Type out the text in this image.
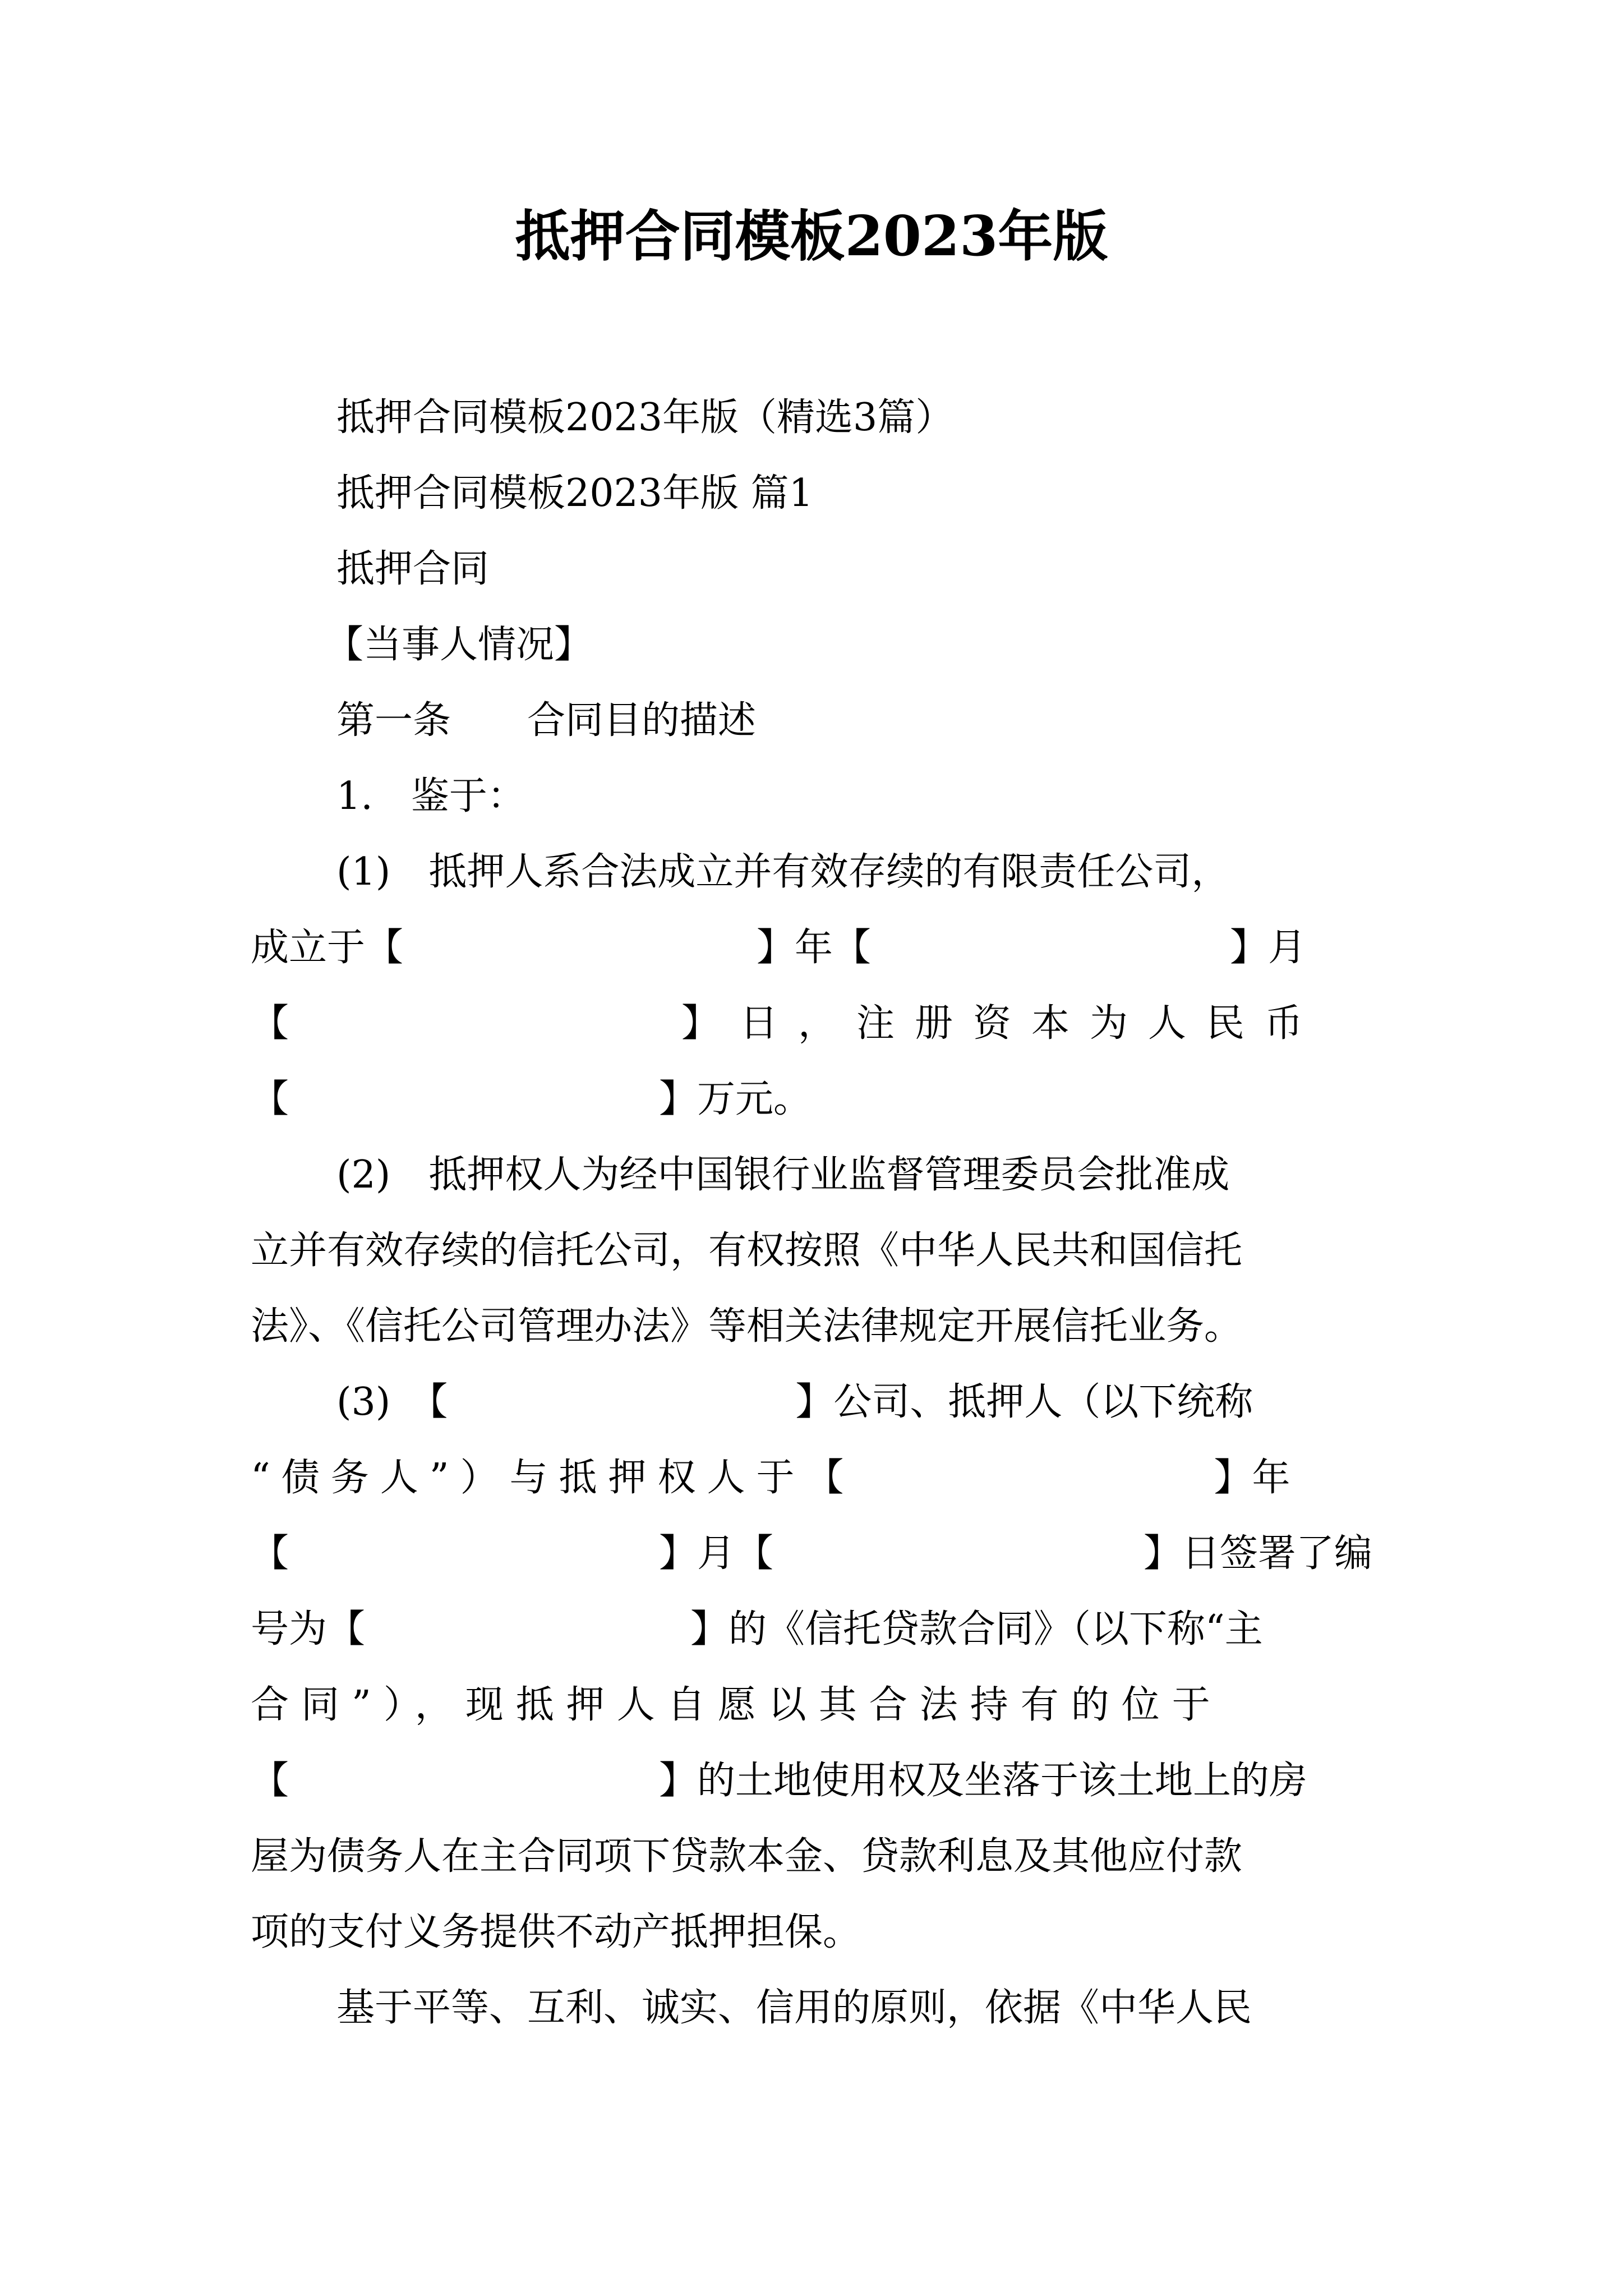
抵押合同模板2023年版
抵押合同模板2023年版（精选3篇）
抵押合同模板2023年版 篇1
抵押合同
【当事人情况】
第一条　　合同目的描述
1.　鉴于：
(1)　抵押人系合法成立并有效存续的有限责任公司，
成立于【	】年【	】月
【	】日，注册资本为人民币
【	】万元。
(2)　抵押权人为经中国银行业监督管理委员会批准成
立并有效存续的信托公司，有权按照《中华人民共和国信托
法》、《信托公司管理办法》等相关法律规定开展信托业务。
(3)　【	】公司、抵押人（以下统称
“债务人”）与抵押权人于【	】年
【	】月【	】日签署了编
号为【	】的《信托贷款合同》（以下称“主
合同”），现抵押人自愿以其合法持有的位于
【	】的土地使用权及坐落于该土地上的房
屋为债务人在主合同项下贷款本金、贷款利息及其他应付款
项的支付义务提供不动产抵押担保。
基于平等、互利、诚实、信用的原则，依据《中华人民
